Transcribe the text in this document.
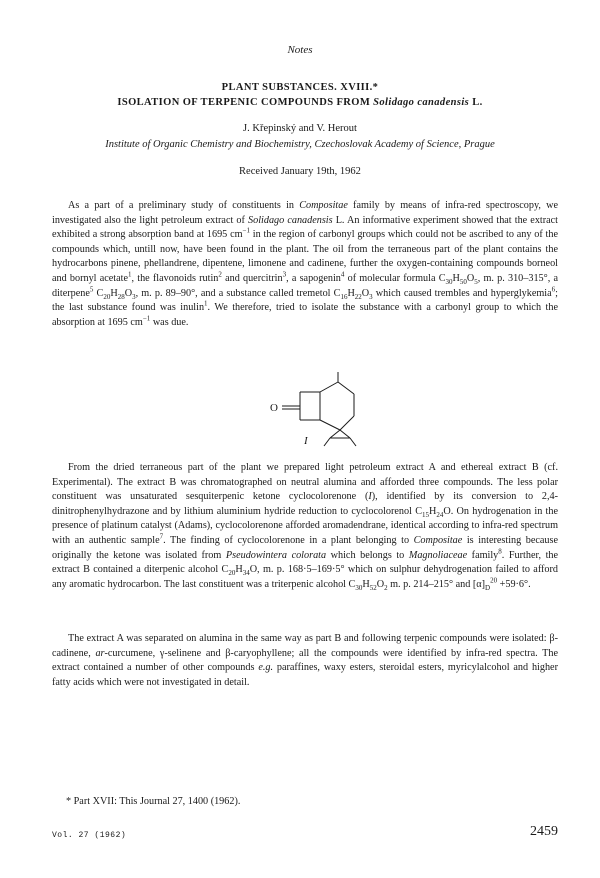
Notes
PLANT SUBSTANCES. XVIII.*
ISOLATION OF TERPENIC COMPOUNDS FROM Solidago canadensis L.
J. Křepinský and V. Herout
Institute of Organic Chemistry and Biochemistry, Czechoslovak Academy of Science, Prague
Received January 19th, 1962
As a part of a preliminary study of constituents in Compositae family by means of infra-red spectroscopy, we investigated also the light petroleum extract of Solidago canadensis L. An informative experiment showed that the extract exhibited a strong absorption band at 1695 $cm^{-1}$ in the region of carbonyl groups which could not be ascribed to any of the compounds which, untill now, have been found in the plant. The oil from the terraneous part of the plant contains the hydrocarbons pinene, phellandrene, dipentene, limonene and cadinene, further the oxygen-containing compounds borneol and bornyl acetate$^1$, the flavonoids rutin$^2$ and quercitrin$^3$, a sapogenin$^4$ of molecular formula $C_{30}H_{50}O_5$, m. p. 310–315°, a diterpene$^5$ $C_{20}H_{28}O_3$, m. p. 89–90°, and a substance called tremetol $C_{16}H_{22}O_3$ which caused trembles and hyperglykemia$^6$; the last substance found was inulin$^1$. We therefore, tried to isolate the substance with a carbonyl group to which the absorption at 1695 $cm^{-1}$ was due.
O
I
From the dried terraneous part of the plant we prepared light petroleum extract A and ethereal extract B (cf. Experimental). The extract B was chromatographed on neutral alumina and afforded three compounds. The less polar constituent was unsaturated sesquiterpenic ketone cyclocolorenone (I), identified by its conversion to 2,4-dinitrophenylhydrazone and by lithium aluminium hydride reduction to cyclocolorenol $C_{15}H_{24}O$. On hydrogenation in the presence of platinum catalyst (Adams), cyclocolorenone afforded aromadendrane, identical according to infra-red spectrum with an authentic sample$^7$. The finding of cyclocolorenone in a plant belonging to Compositae is interesting because originally the ketone was isolated from Pseudowintera colorata which belongs to Magnoliaceae family$^8$. Further, the extract B contained a diterpenic alcohol $C_{20}H_{34}O$, m. p. 168·5–169·5° which on sulphur dehydrogenation failed to afford any aromatic hydrocarbon. The last constituent was a triterpenic alcohol $C_{30}H_{52}O_2$ m. p. 214–215° and $[\alpha]_D^{20} +59\cdot 6^\circ$.
The extract A was separated on alumina in the same way as part B and following terpenic compounds were isolated: β-cadinene, ar-curcumene, γ-selinene and β-caryophyllene; all the compounds were identified by infra-red spectra. The extract contained a number of other compounds e.g. paraffines, waxy esters, steroidal esters, myricylalcohol and higher fatty acids which were not investigated in detail.
* Part XVII: This Journal 27, 1400 (1962).
Vol. 27 (1962)	2459
